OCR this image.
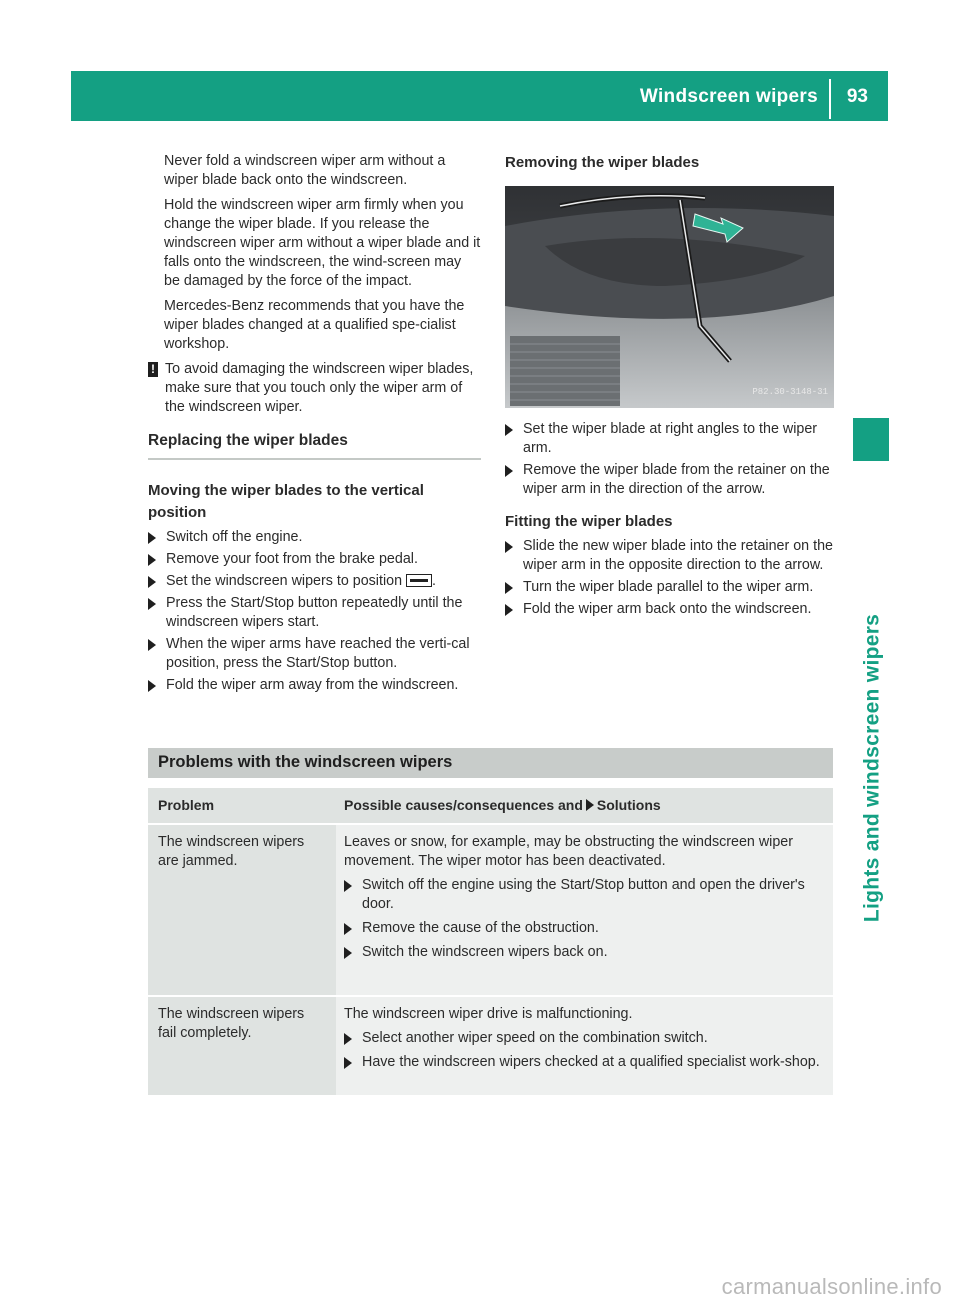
Windscreen wipers 93
Lights and windscreen wipers

Never fold a windscreen wiper arm without a wiper blade back onto the windscreen.

Hold the windscreen wiper arm firmly when you change the wiper blade. If you release the windscreen wiper arm without a wiper blade and it falls onto the windscreen, the wind-screen may be damaged by the force of the impact.

Mercedes-Benz recommends that you have the wiper blades changed at a qualified spe-cialist workshop.

! To avoid damaging the windscreen wiper blades, make sure that you touch only the wiper arm of the windscreen wiper.
Replacing the wiper blades
Moving the wiper blades to the vertical position
Switch off the engine.
Remove your foot from the brake pedal.
Set the windscreen wipers to position .
Press the Start/Stop button repeatedly until the windscreen wipers start.
When the wiper arms have reached the verti-cal position, press the Start/Stop button.
Fold the wiper arm away from the windscreen.
Removing the wiper blades
P82.30-3148-31
Set the wiper blade at right angles to the wiper arm.
Remove the wiper blade from the retainer on the wiper arm in the direction of the arrow.
Fitting the wiper blades
Slide the new wiper blade into the retainer on the wiper arm in the opposite direction to the arrow.
Turn the wiper blade parallel to the wiper arm.
Fold the wiper arm back onto the windscreen.
Problems with the windscreen wipers
Problem	Possible causes/consequences and Solutions
The windscreen wipers are jammed.
Leaves or snow, for example, may be obstructing the windscreen wiper movement. The wiper motor has been deactivated.
Switch off the engine using the Start/Stop button and open the driver's door.
Remove the cause of the obstruction.
Switch the windscreen wipers back on.
The windscreen wipers fail completely.
The windscreen wiper drive is malfunctioning.
Select another wiper speed on the combination switch.
Have the windscreen wipers checked at a qualified specialist work-shop.
carmanualsonline.info
